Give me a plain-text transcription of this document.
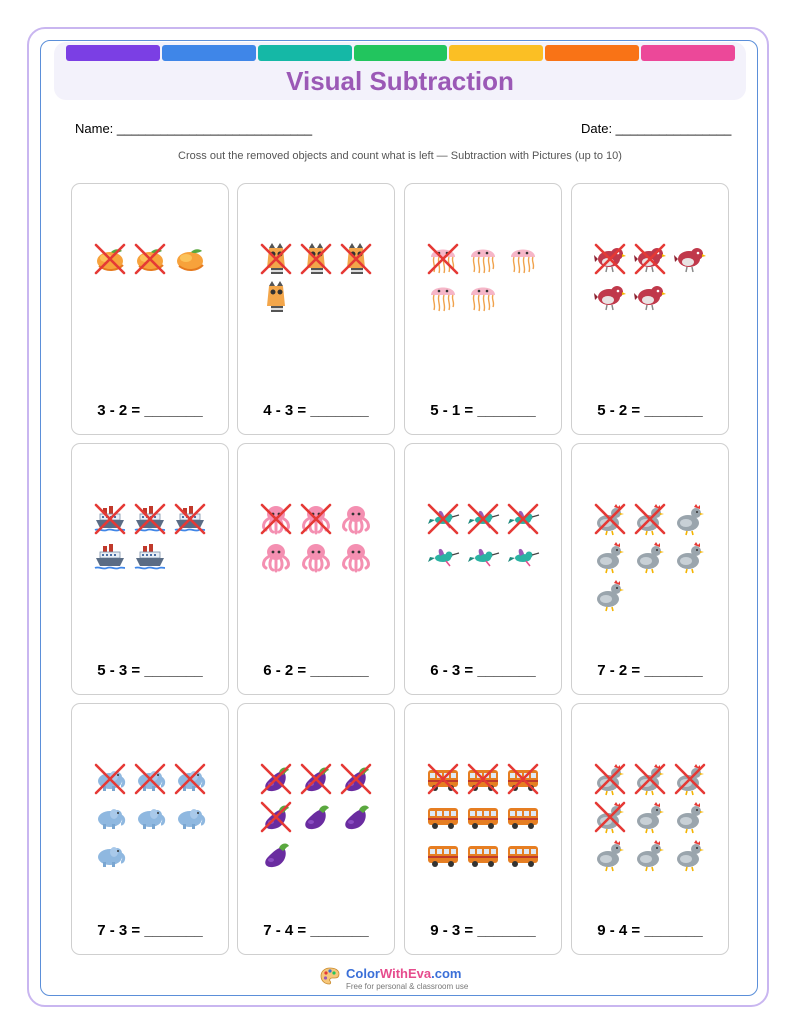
Visual Subtraction
Name: ___________________________	Date: ________________
Cross out the removed objects and count what is left — Subtraction with Pictures (up to 10)
3 - 2 = _______	4 - 3 = _______	5 - 1 = _______	5 - 2 = _______
5 - 3 = _______	6 - 2 = _______	6 - 3 = _______	7 - 2 = _______
7 - 3 = _______	7 - 4 = _______	9 - 3 = _______	9 - 4 = _______
ColorWithEva.com
Free for personal & classroom use
